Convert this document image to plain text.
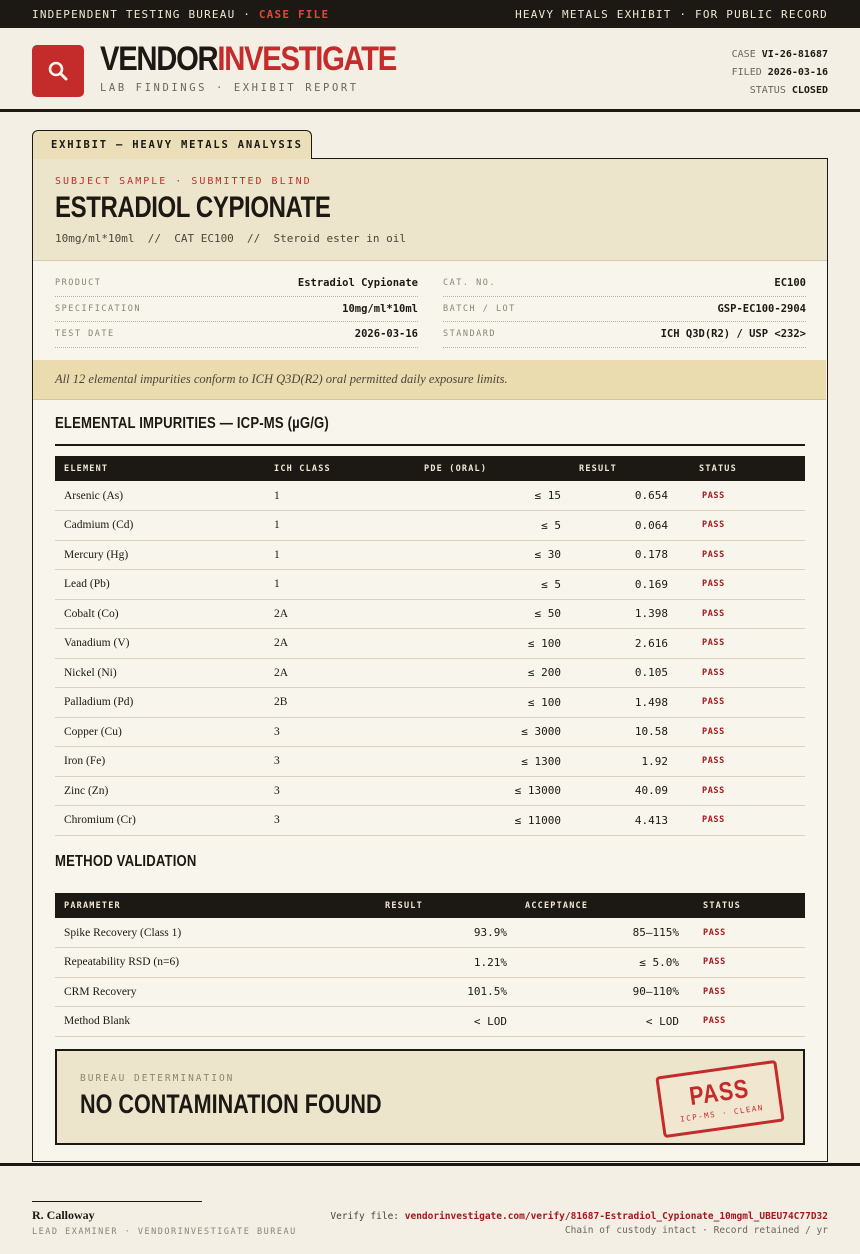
INDEPENDENT TESTING BUREAU · CASE FILE	HEAVY METALS EXHIBIT · FOR PUBLIC RECORD
VENDORINVESTIGATE
LAB FINDINGS · EXHIBIT REPORT
CASE VI-26-81687
FILED 2026-03-16
STATUS CLOSED
EXHIBIT — HEAVY METALS ANALYSIS
SUBJECT SAMPLE · SUBMITTED BLIND
ESTRADIOL CYPIONATE
10mg/ml*10ml  //  CAT EC100  //  Steroid ester in oil
PRODUCT	Estradiol Cypionate
SPECIFICATION	10mg/ml*10ml
TEST DATE	2026-03-16
CAT. NO.	EC100
BATCH / LOT	GSP-EC100-2904
STANDARD	ICH Q3D(R2) / USP <232>
All 12 elemental impurities conform to ICH Q3D(R2) oral permitted daily exposure limits.
ELEMENTAL IMPURITIES — ICP-MS (µG/G)
ELEMENT	ICH CLASS	PDE (ORAL)	RESULT	STATUS
Arsenic (As)	1	≤ 15	0.654	PASS
Cadmium (Cd)	1	≤ 5	0.064	PASS
Mercury (Hg)	1	≤ 30	0.178	PASS
Lead (Pb)	1	≤ 5	0.169	PASS
Cobalt (Co)	2A	≤ 50	1.398	PASS
Vanadium (V)	2A	≤ 100	2.616	PASS
Nickel (Ni)	2A	≤ 200	0.105	PASS
Palladium (Pd)	2B	≤ 100	1.498	PASS
Copper (Cu)	3	≤ 3000	10.58	PASS
Iron (Fe)	3	≤ 1300	1.92	PASS
Zinc (Zn)	3	≤ 13000	40.09	PASS
Chromium (Cr)	3	≤ 11000	4.413	PASS
METHOD VALIDATION
PARAMETER	RESULT	ACCEPTANCE	STATUS
Spike Recovery (Class 1)	93.9%	85–115%	PASS
Repeatability RSD (n=6)	1.21%	≤ 5.0%	PASS
CRM Recovery	101.5%	90–110%	PASS
Method Blank	< LOD	< LOD	PASS
BUREAU DETERMINATION
NO CONTAMINATION FOUND	PASS
ICP-MS · CLEAN
R. Calloway
LEAD EXAMINER · VENDORINVESTIGATE BUREAU
Verify file: vendorinvestigate.com/verify/81687-Estradiol_Cypionate_10mgml_UBEU74C77D32
Chain of custody intact · Record retained / yr
